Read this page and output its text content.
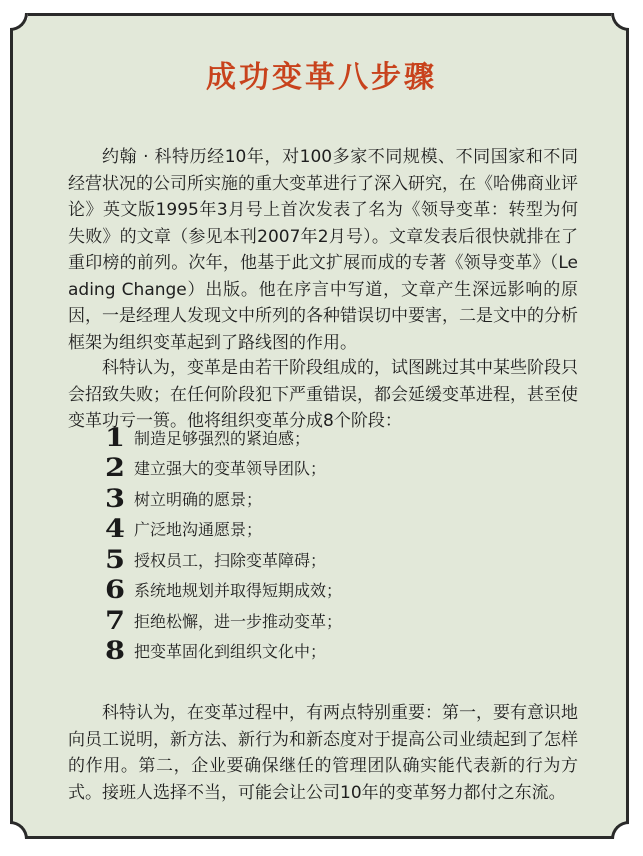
成功变革八步骤

约翰 · 科特历经10年，对100多家不同规模、不同国家和不同经营状况的公司所实施的重大变革进行了深入研究，在《哈佛商业评论》英文版1995年3月号上首次发表了名为《领导变革：转型为何失败》的文章（参见本刊2007年2月号）。文章发表后很快就排在了重印榜的前列。次年，他基于此文扩展而成的专著《领导变革》（Leading Change）出版。他在序言中写道，文章产生深远影响的原因，一是经理人发现文中所列的各种错误切中要害，二是文中的分析框架为组织变革起到了路线图的作用。

科特认为，变革是由若干阶段组成的，试图跳过其中某些阶段只会招致失败；在任何阶段犯下严重错误，都会延缓变革进程，甚至使变革功亏一篑。他将组织变革分成8个阶段：

1 制造足够强烈的紧迫感；
2 建立强大的变革领导团队；
3 树立明确的愿景；
4 广泛地沟通愿景；
5 授权员工，扫除变革障碍；
6 系统地规划并取得短期成效；
7 拒绝松懈，进一步推动变革；
8 把变革固化到组织文化中；

科特认为，在变革过程中，有两点特别重要：第一，要有意识地向员工说明，新方法、新行为和新态度对于提高公司业绩起到了怎样的作用。第二，企业要确保继任的管理团队确实能代表新的行为方式。接班人选择不当，可能会让公司10年的变革努力都付之东流。
